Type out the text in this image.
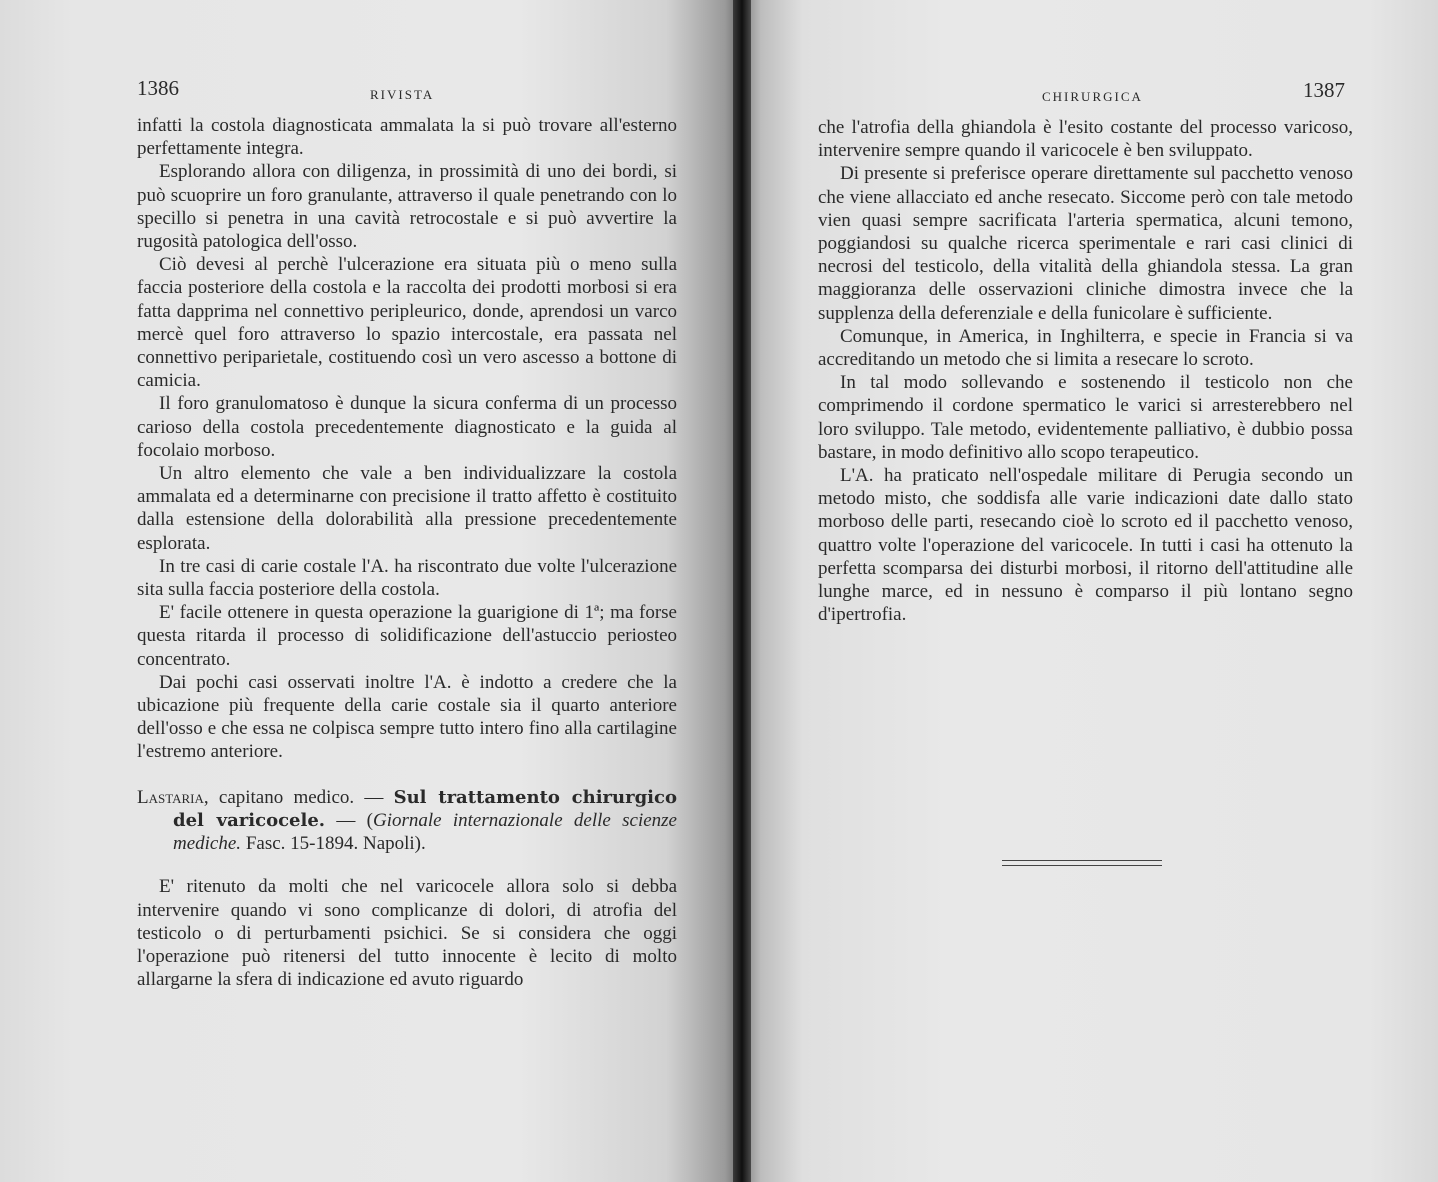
1386	RIVISTA

infatti la costola diagnosticata ammalata la si può trovare all'esterno perfettamente integra.

Esplorando allora con diligenza, in prossimità di uno dei bordi, si può scuoprire un foro granulante, attraverso il quale penetrando con lo specillo si penetra in una cavità retrocostale e si può avvertire la rugosità patologica dell'osso.

Ciò devesi al perchè l'ulcerazione era situata più o meno sulla faccia posteriore della costola e la raccolta dei prodotti morbosi si era fatta dapprima nel connettivo peripleurico, donde, aprendosi un varco mercè quel foro attraverso lo spazio intercostale, era passata nel connettivo periparietale, costituendo così un vero ascesso a bottone di camicia.

Il foro granulomatoso è dunque la sicura conferma di un processo carioso della costola precedentemente diagnosticato e la guida al focolaio morboso.

Un altro elemento che vale a ben individualizzare la costola ammalata ed a determinarne con precisione il tratto affetto è costituito dalla estensione della dolorabilità alla pressione precedentemente esplorata.

In tre casi di carie costale l'A. ha riscontrato due volte l'ulcerazione sita sulla faccia posteriore della costola.

E' facile ottenere in questa operazione la guarigione di 1ª; ma forse questa ritarda il processo di solidificazione dell'astuccio periosteo concentrato.

Dai pochi casi osservati inoltre l'A. è indotto a credere che la ubicazione più frequente della carie costale sia il quarto anteriore dell'osso e che essa ne colpisca sempre tutto intero fino alla cartilagine l'estremo anteriore.

Lastaria, capitano medico. — Sul trattamento chirurgico del varicocele. — (Giornale internazionale delle scienze mediche. Fasc. 15-1894. Napoli).

E' ritenuto da molti che nel varicocele allora solo si debba intervenire quando vi sono complicanze di dolori, di atrofia del testicolo o di perturbamenti psichici. Se si considera che oggi l'operazione può ritenersi del tutto innocente è lecito di molto allargarne la sfera di indicazione ed avuto riguardo

CHIRURGICA	1387

che l'atrofia della ghiandola è l'esito costante del processo varicoso, intervenire sempre quando il varicocele è ben sviluppato.

Di presente si preferisce operare direttamente sul pacchetto venoso che viene allacciato ed anche resecato. Siccome però con tale metodo vien quasi sempre sacrificata l'arteria spermatica, alcuni temono, poggiandosi su qualche ricerca sperimentale e rari casi clinici di necrosi del testicolo, della vitalità della ghiandola stessa. La gran maggioranza delle osservazioni cliniche dimostra invece che la supplenza della deferenziale e della funicolare è sufficiente.

Comunque, in America, in Inghilterra, e specie in Francia si va accreditando un metodo che si limita a resecare lo scroto.

In tal modo sollevando e sostenendo il testicolo non che comprimendo il cordone spermatico le varici si arresterebbero nel loro sviluppo. Tale metodo, evidentemente palliativo, è dubbio possa bastare, in modo definitivo allo scopo terapeutico.

L'A. ha praticato nell'ospedale militare di Perugia secondo un metodo misto, che soddisfa alle varie indicazioni date dallo stato morboso delle parti, resecando cioè lo scroto ed il pacchetto venoso, quattro volte l'operazione del varicocele. In tutti i casi ha ottenuto la perfetta scomparsa dei disturbi morbosi, il ritorno dell'attitudine alle lunghe marce, ed in nessuno è comparso il più lontano segno d'ipertrofia.
